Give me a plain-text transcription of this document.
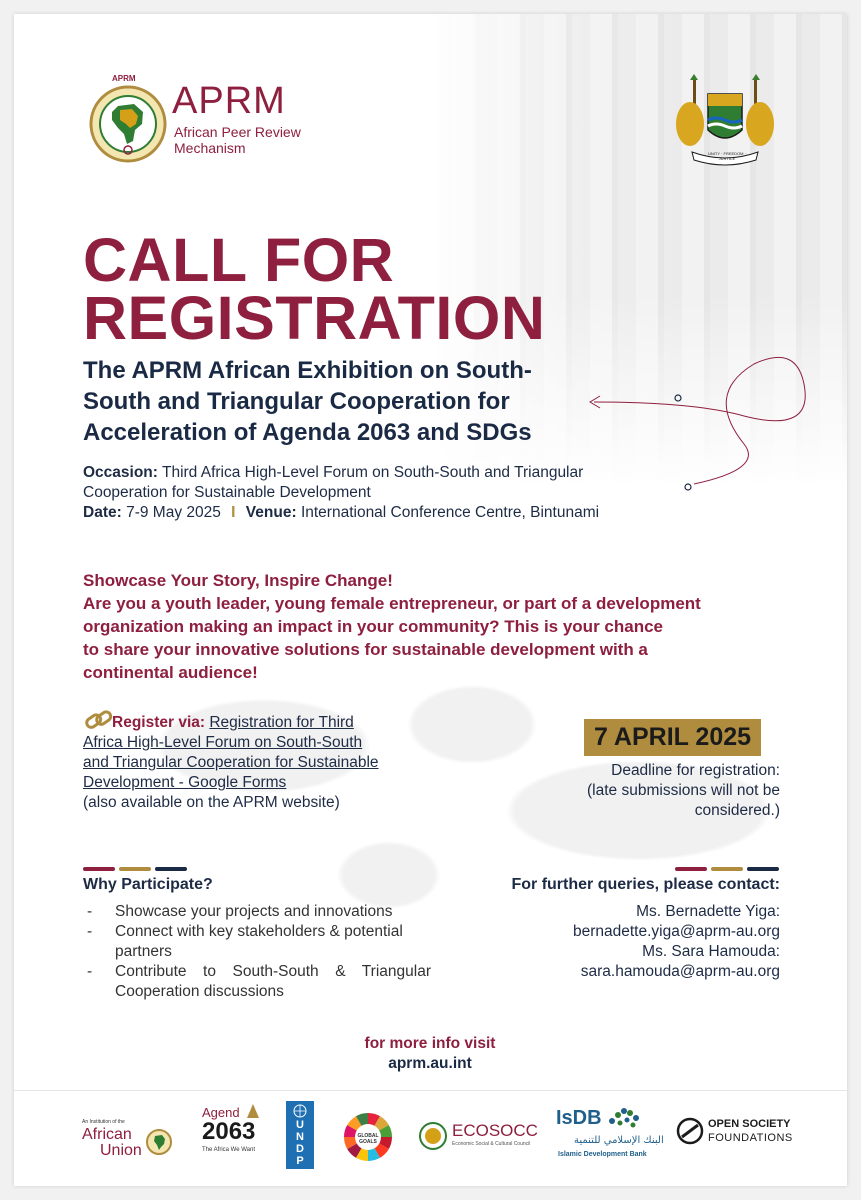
APRM
APRM
African Peer Review
Mechanism	UNITY · FREEDOM · JUSTICE
CALL FOR
REGISTRATION
The APRM African Exhibition on South-
South and Triangular Cooperation for
Acceleration of Agenda 2063 and SDGs
Occasion: Third Africa High-Level Forum on South-South and Triangular
Cooperation for Sustainable Development
Date: 7-9 May 2025 I Venue: International Conference Centre, Bintunami
Showcase Your Story, Inspire Change!
Are you a youth leader, young female entrepreneur, or part of a development
organization making an impact in your community? This is your chance
to share your innovative solutions for sustainable development with a
continental audience!
Register via: Registration for Third
Africa High-Level Forum on South-South
and Triangular Cooperation for Sustainable
Development - Google Forms
(also available on the APRM website)
7 APRIL 2025
Deadline for registration:
(late submissions will not be
considered.)
Why Participate?
- Showcase your projects and innovations
- Connect with key stakeholders & potential partners
- Contribute to South-South & Triangular Cooperation discussions
For further queries, please contact:
Ms. Bernadette Yiga:
bernadette.yiga@aprm-au.org
Ms. Sara Hamouda:
sara.hamouda@aprm-au.org
for more info visit
aprm.au.int
An Institution of the
African
Union
Agend
2063
The Africa We Want
U
N
D
P
GLOBAL GOALS
ECOSOCC
Economic Social & Cultural Council
IsDB
البنك الإسلامي للتنمية
Islamic Development Bank
OPEN SOCIETY
FOUNDATIONS
